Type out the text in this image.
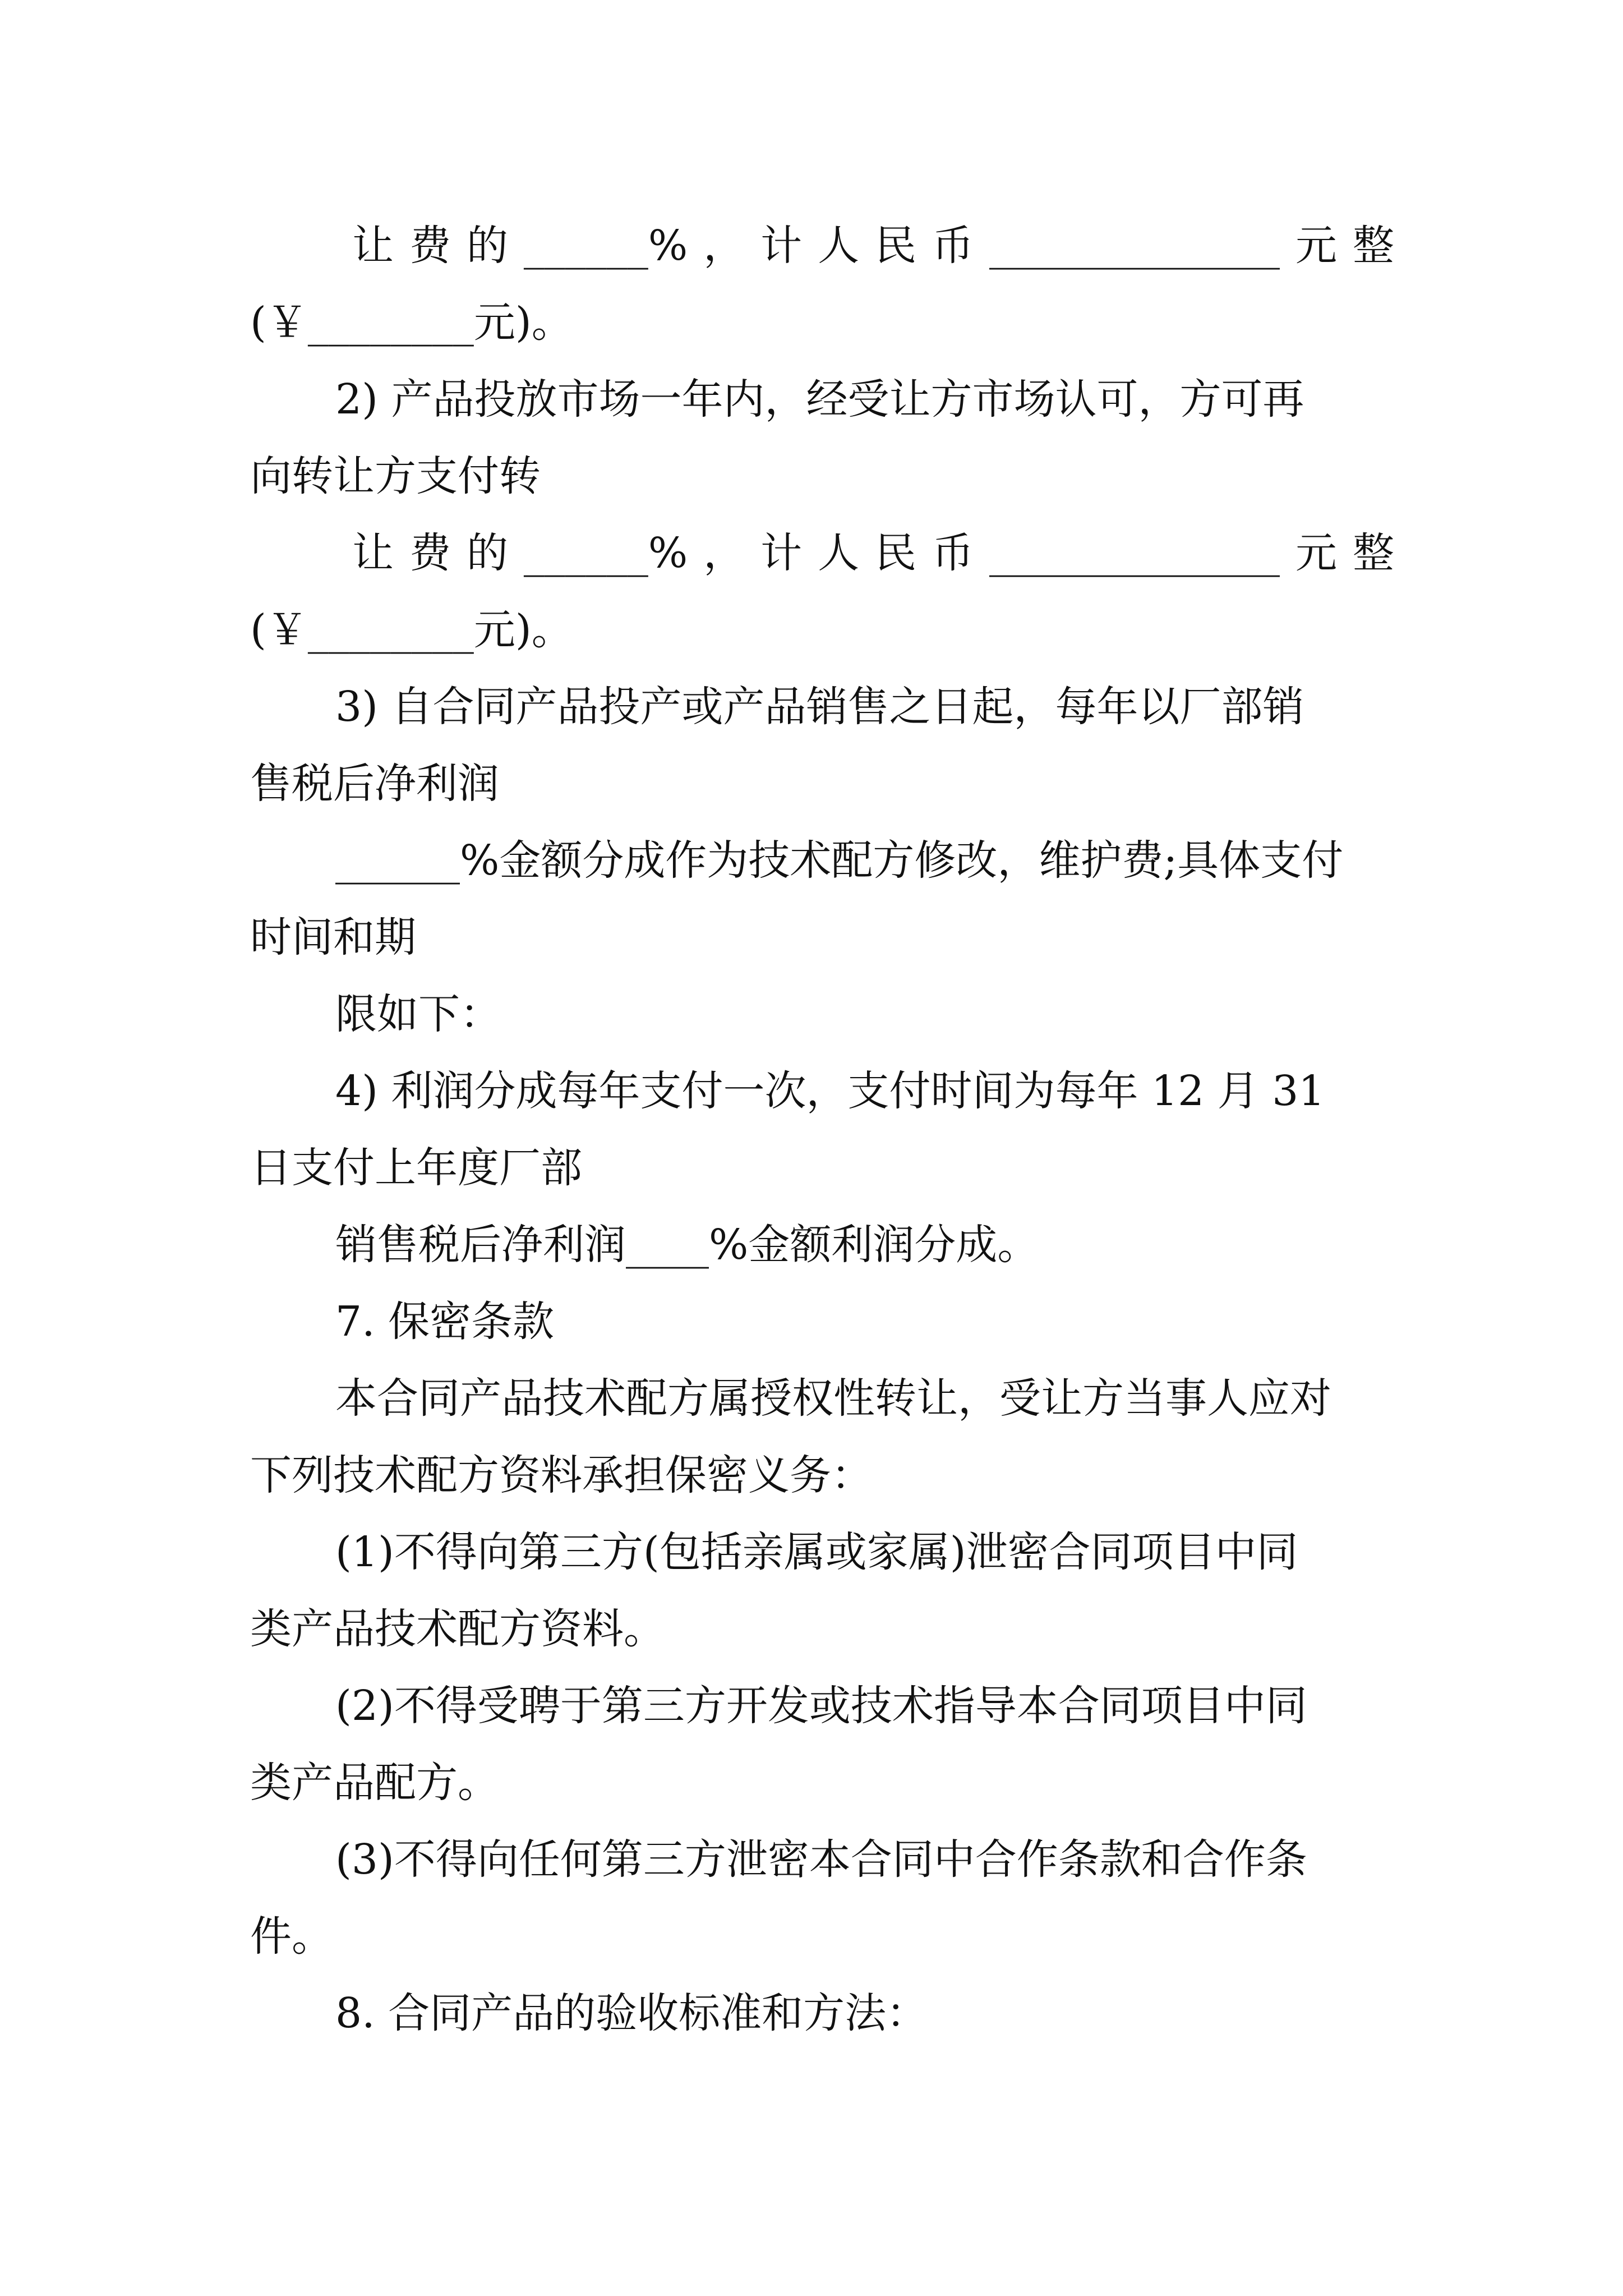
让 费 的 ______% ， 计 人 民 币 ______________ 元 整

(￥________元)。

2) 产品投放市场一年内，经受让方市场认可，方可再

向转让方支付转

让 费 的 ______% ， 计 人 民 币 ______________ 元 整

(￥________元)。

3) 自合同产品投产或产品销售之日起，每年以厂部销

售税后净利润

______%金额分成作为技术配方修改，维护费;具体支付

时间和期

限如下：

4) 利润分成每年支付一次，支付时间为每年 12 月 31

日支付上年度厂部

销售税后净利润____%金额利润分成。

7. 保密条款

本合同产品技术配方属授权性转让，受让方当事人应对

下列技术配方资料承担保密义务：

(1)不得向第三方(包括亲属或家属)泄密合同项目中同

类产品技术配方资料。

(2)不得受聘于第三方开发或技术指导本合同项目中同

类产品配方。

(3)不得向任何第三方泄密本合同中合作条款和合作条

件。

8. 合同产品的验收标准和方法：
